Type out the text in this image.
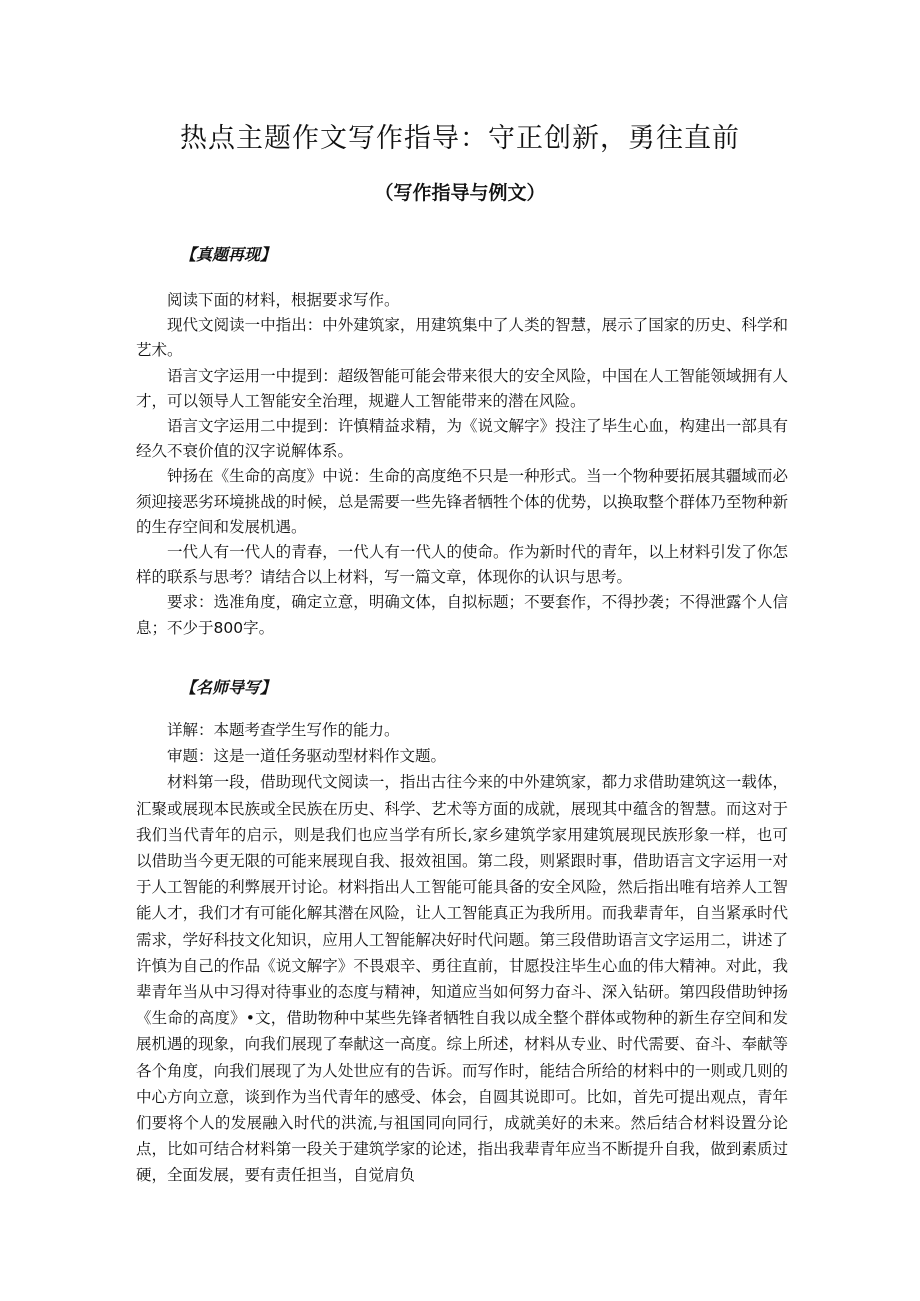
热点主题作文写作指导：守正创新，勇往直前
（写作指导与例文）
【真题再现】

阅读下面的材料，根据要求写作。

现代文阅读一中指出：中外建筑家，用建筑集中了人类的智慧，展示了国家的历史、科学和艺术。

语言文字运用一中提到：超级智能可能会带来很大的安全风险，中国在人工智能领域拥有人才，可以领导人工智能安全治理，规避人工智能带来的潜在风险。

语言文字运用二中提到：许慎精益求精，为《说文解字》投注了毕生心血，构建出一部具有经久不衰价值的汉字说解体系。

钟扬在《生命的高度》中说：生命的高度绝不只是一种形式。当一个物种要拓展其疆域而必须迎接恶劣环境挑战的时候，总是需要一些先锋者牺牲个体的优势，以换取整个群体乃至物种新的生存空间和发展机遇。

一代人有一代人的青春，一代人有一代人的使命。作为新时代的青年，以上材料引发了你怎样的联系与思考？请结合以上材料，写一篇文章，体现你的认识与思考。

要求：选准角度，确定立意，明确文体，自拟标题；不要套作，不得抄袭；不得泄露个人信息；不少于800字。

【名师导写】

详解：本题考查学生写作的能力。

审题：这是一道任务驱动型材料作文题。

材料第一段，借助现代文阅读一，指出古往今来的中外建筑家，都力求借助建筑这一载体，汇聚或展现本民族或全民族在历史、科学、艺术等方面的成就，展现其中蕴含的智慧。而这对于我们当代青年的启示，则是我们也应当学有所长,家乡建筑学家用建筑展现民族形象一样，也可以借助当今更无限的可能来展现自我、报效祖国。第二段，则紧跟时事，借助语言文字运用一对于人工智能的利弊展开讨论。材料指出人工智能可能具备的安全风险，然后指出唯有培养人工智能人才，我们才有可能化解其潜在风险，让人工智能真正为我所用。而我辈青年，自当紧承时代需求，学好科技文化知识，应用人工智能解决好时代问题。第三段借助语言文字运用二，讲述了许慎为自己的作品《说文解字》不畏艰辛、勇往直前，甘愿投注毕生心血的伟大精神。对此，我辈青年当从中习得对待事业的态度与精神，知道应当如何努力奋斗、深入钻研。第四段借助钟扬《生命的高度》•文，借助物种中某些先锋者牺牲自我以成全整个群体或物种的新生存空间和发展机遇的现象，向我们展现了奉献这一高度。综上所述，材料从专业、时代需要、奋斗、奉献等各个角度，向我们展现了为人处世应有的告诉。而写作时，能结合所给的材料中的一则或几则的中心方向立意，谈到作为当代青年的感受、体会，自圆其说即可。比如，首先可提出观点，青年们要将个人的发展融入时代的洪流,与祖国同向同行，成就美好的未来。然后结合材料设置分论点，比如可结合材料第一段关于建筑学家的论述，指出我辈青年应当不断提升自我，做到素质过硬，全面发展，要有责任担当，自觉肩负
